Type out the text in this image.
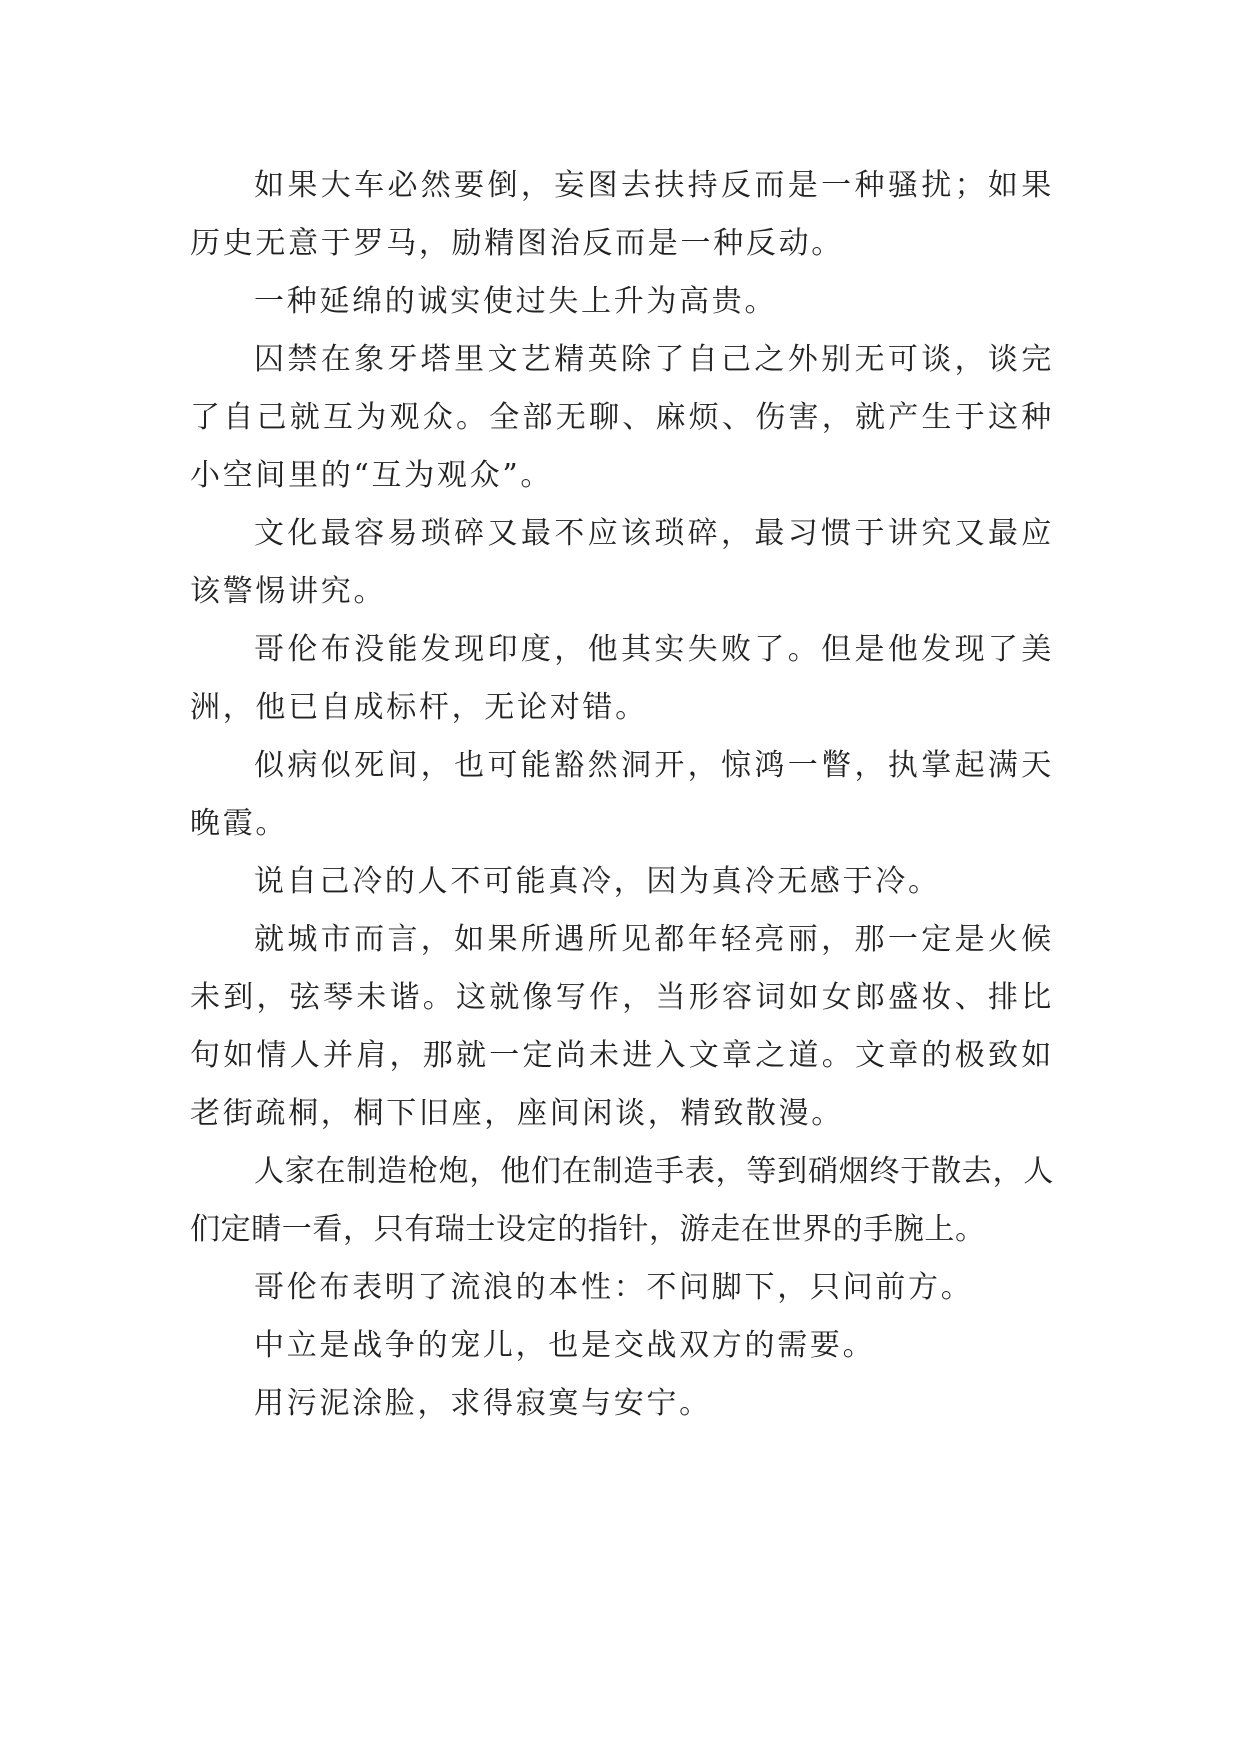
如果大车必然要倒，妄图去扶持反而是一种骚扰；如果历史无意于罗马，励精图治反而是一种反动。

一种延绵的诚实使过失上升为高贵。

囚禁在象牙塔里文艺精英除了自己之外别无可谈，谈完了自己就互为观众。全部无聊、麻烦、伤害，就产生于这种小空间里的“互为观众”。

文化最容易琐碎又最不应该琐碎，最习惯于讲究又最应该警惕讲究。

哥伦布没能发现印度，他其实失败了。但是他发现了美洲，他已自成标杆，无论对错。

似病似死间，也可能豁然洞开，惊鸿一瞥，执掌起满天晚霞。

说自己冷的人不可能真冷，因为真冷无感于冷。

就城市而言，如果所遇所见都年轻亮丽，那一定是火候未到，弦琴未谐。这就像写作，当形容词如女郎盛妆、排比句如情人并肩，那就一定尚未进入文章之道。文章的极致如老街疏桐，桐下旧座，座间闲谈，精致散漫。

人家在制造枪炮，他们在制造手表，等到硝烟终于散去，人们定睛一看，只有瑞士设定的指针，游走在世界的手腕上。

哥伦布表明了流浪的本性：不问脚下，只问前方。

中立是战争的宠儿，也是交战双方的需要。

用污泥涂脸，求得寂寞与安宁。
